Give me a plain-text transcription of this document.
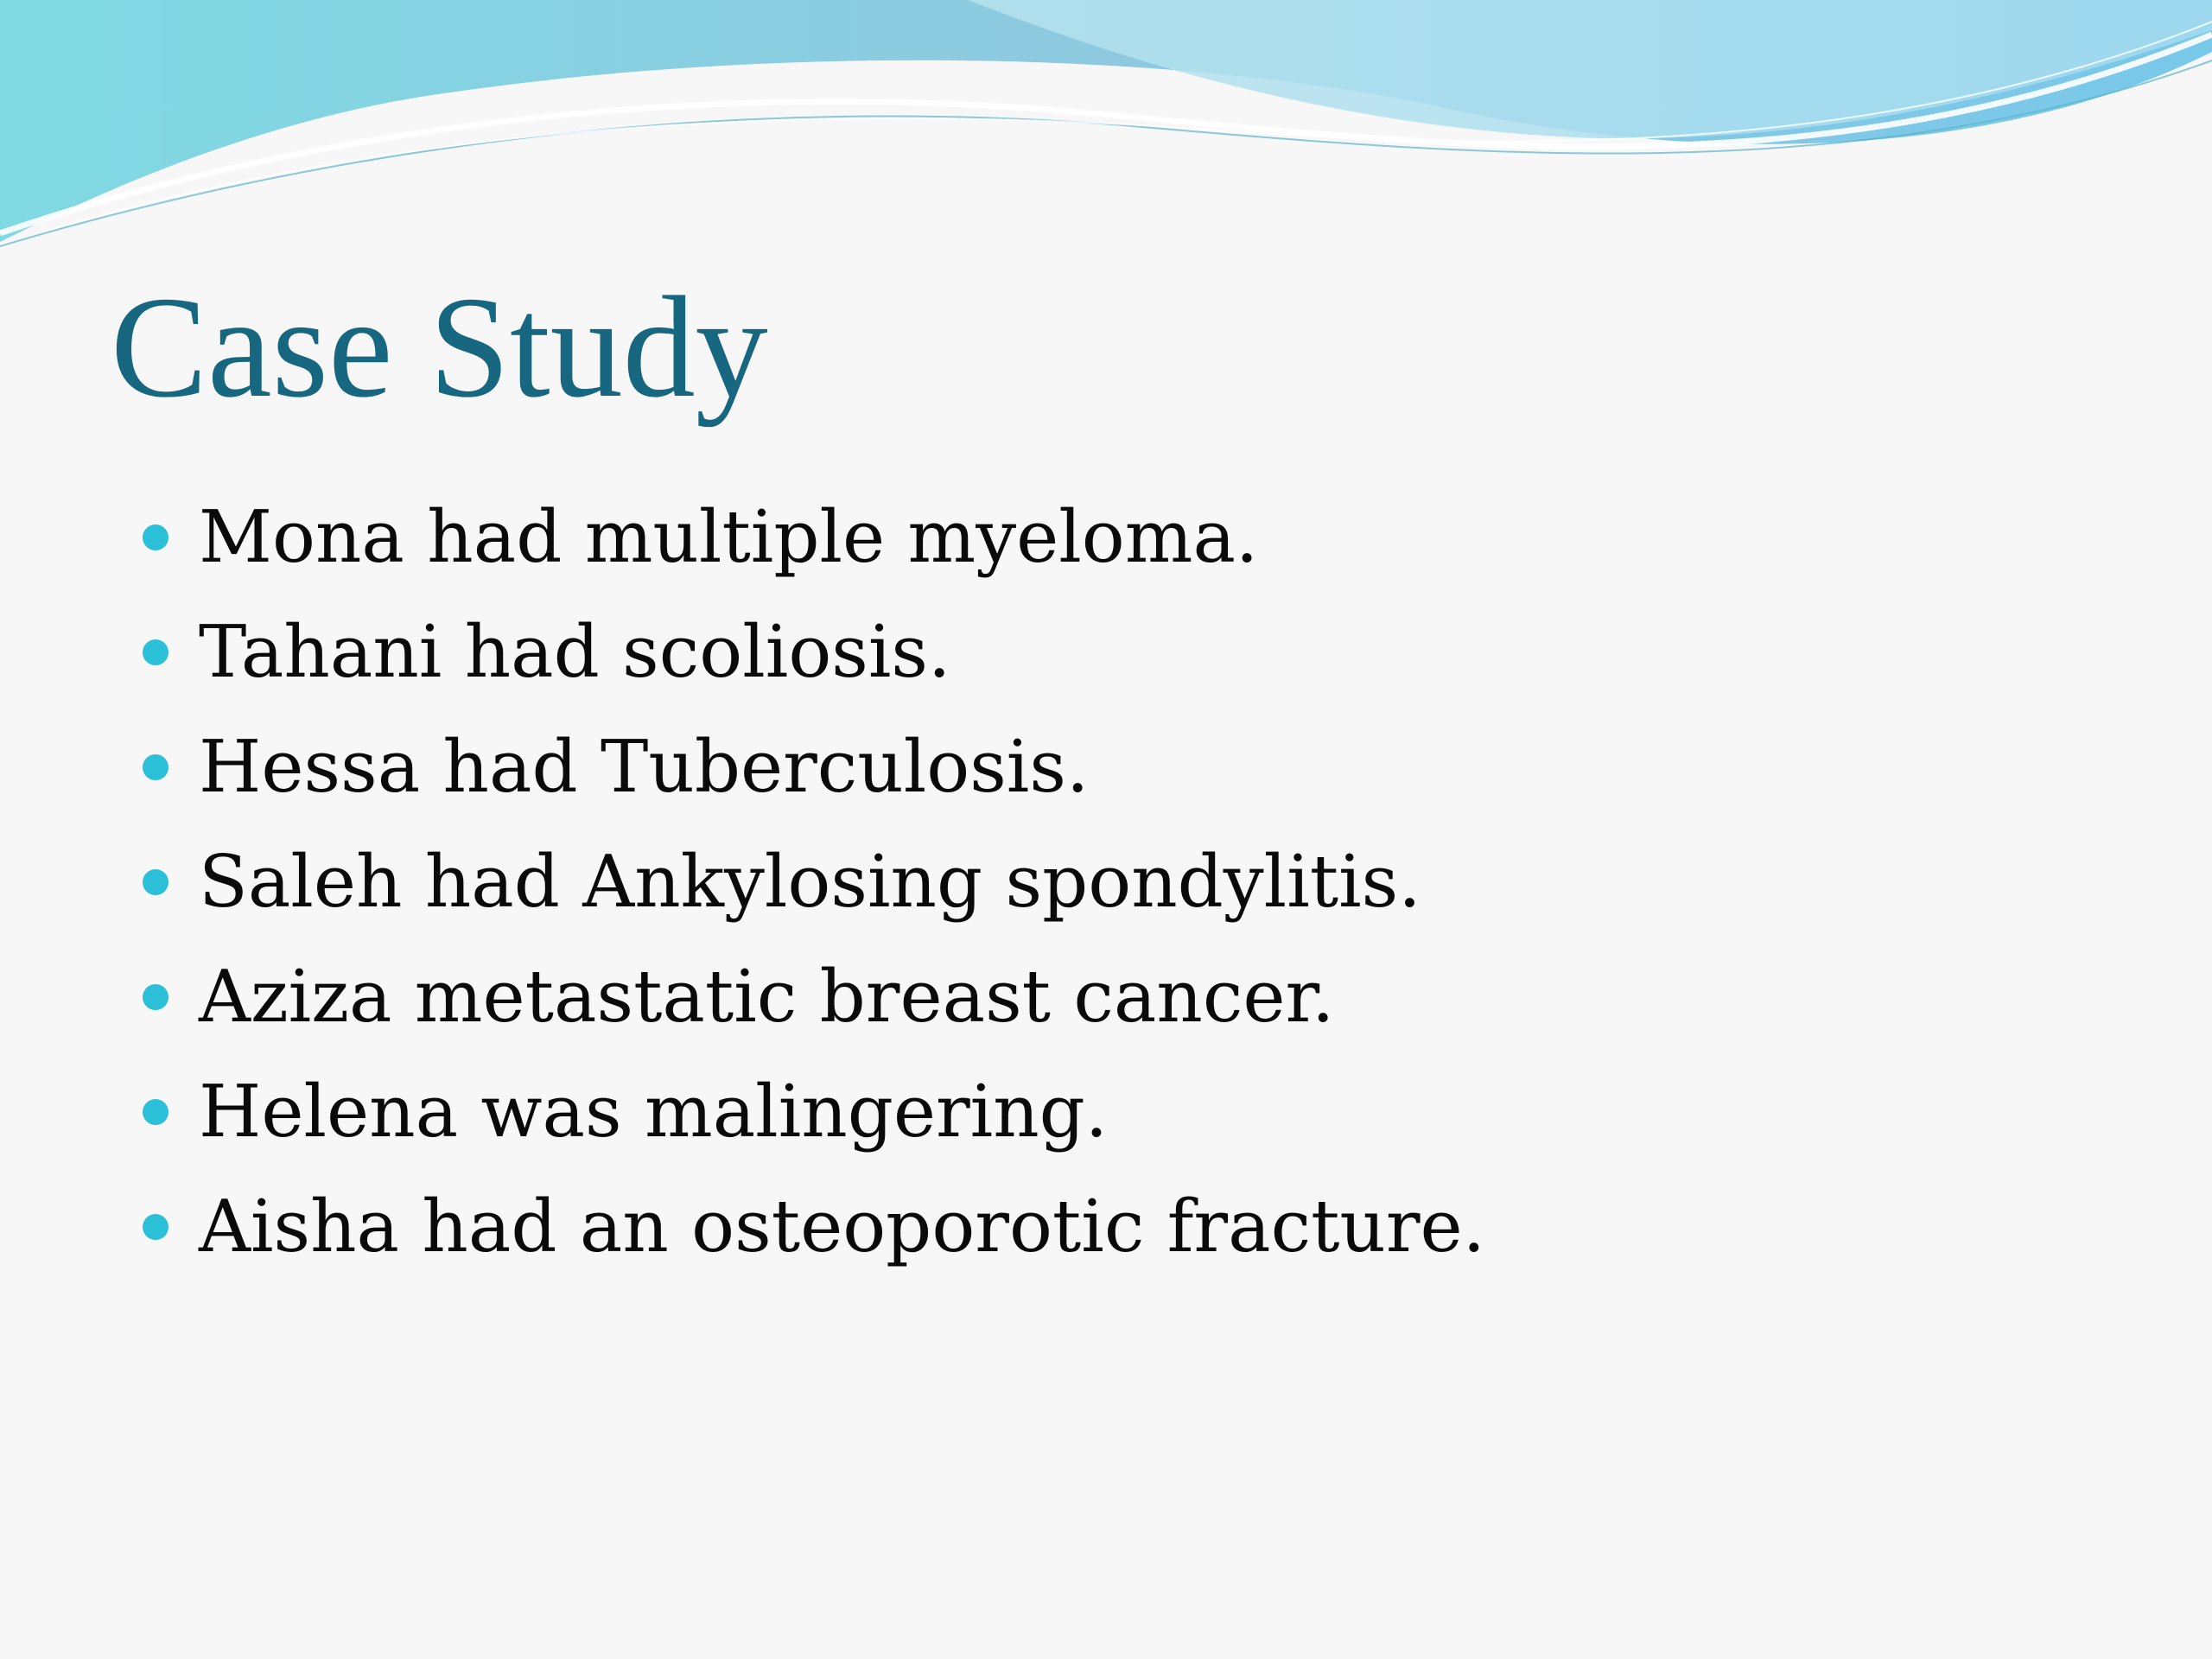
Case Study
Mona had multiple myeloma.
Tahani had scoliosis.
Hessa had Tuberculosis.
Saleh had Ankylosing spondylitis.
Aziza metastatic breast cancer.
Helena was malingering.
Aisha had an osteoporotic fracture.
